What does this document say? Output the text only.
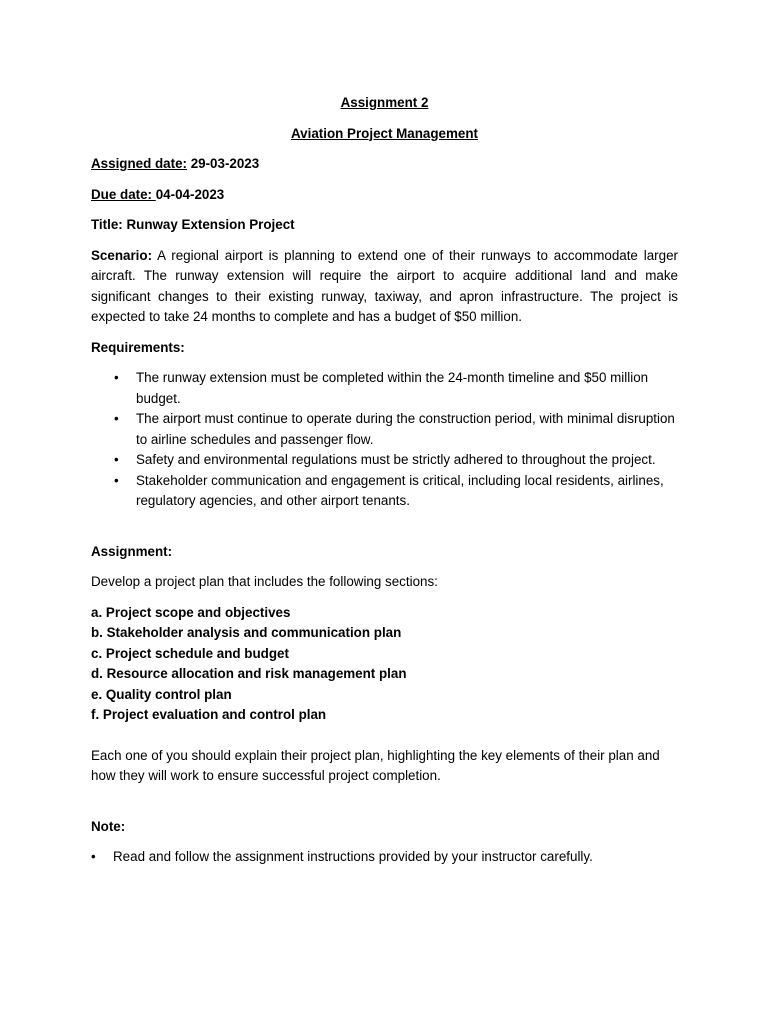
Assignment 2

Aviation Project Management

Assigned date: 29-03-2023

Due date: 04-04-2023

Title: Runway Extension Project

Scenario: A regional airport is planning to extend one of their runways to accommodate larger aircraft. The runway extension will require the airport to acquire additional land and make significant changes to their existing runway, taxiway, and apron infrastructure. The project is expected to take 24 months to complete and has a budget of $50 million.

Requirements:

• The runway extension must be completed within the 24-month timeline and $50 million budget.
• The airport must continue to operate during the construction period, with minimal disruption to airline schedules and passenger flow.
• Safety and environmental regulations must be strictly adhered to throughout the project.
• Stakeholder communication and engagement is critical, including local residents, airlines, regulatory agencies, and other airport tenants.

Assignment:

Develop a project plan that includes the following sections:

a. Project scope and objectives
b. Stakeholder analysis and communication plan
c. Project schedule and budget
d. Resource allocation and risk management plan
e. Quality control plan
f. Project evaluation and control plan

Each one of you should explain their project plan, highlighting the key elements of their plan and how they will work to ensure successful project completion.

Note:

• Read and follow the assignment instructions provided by your instructor carefully.
